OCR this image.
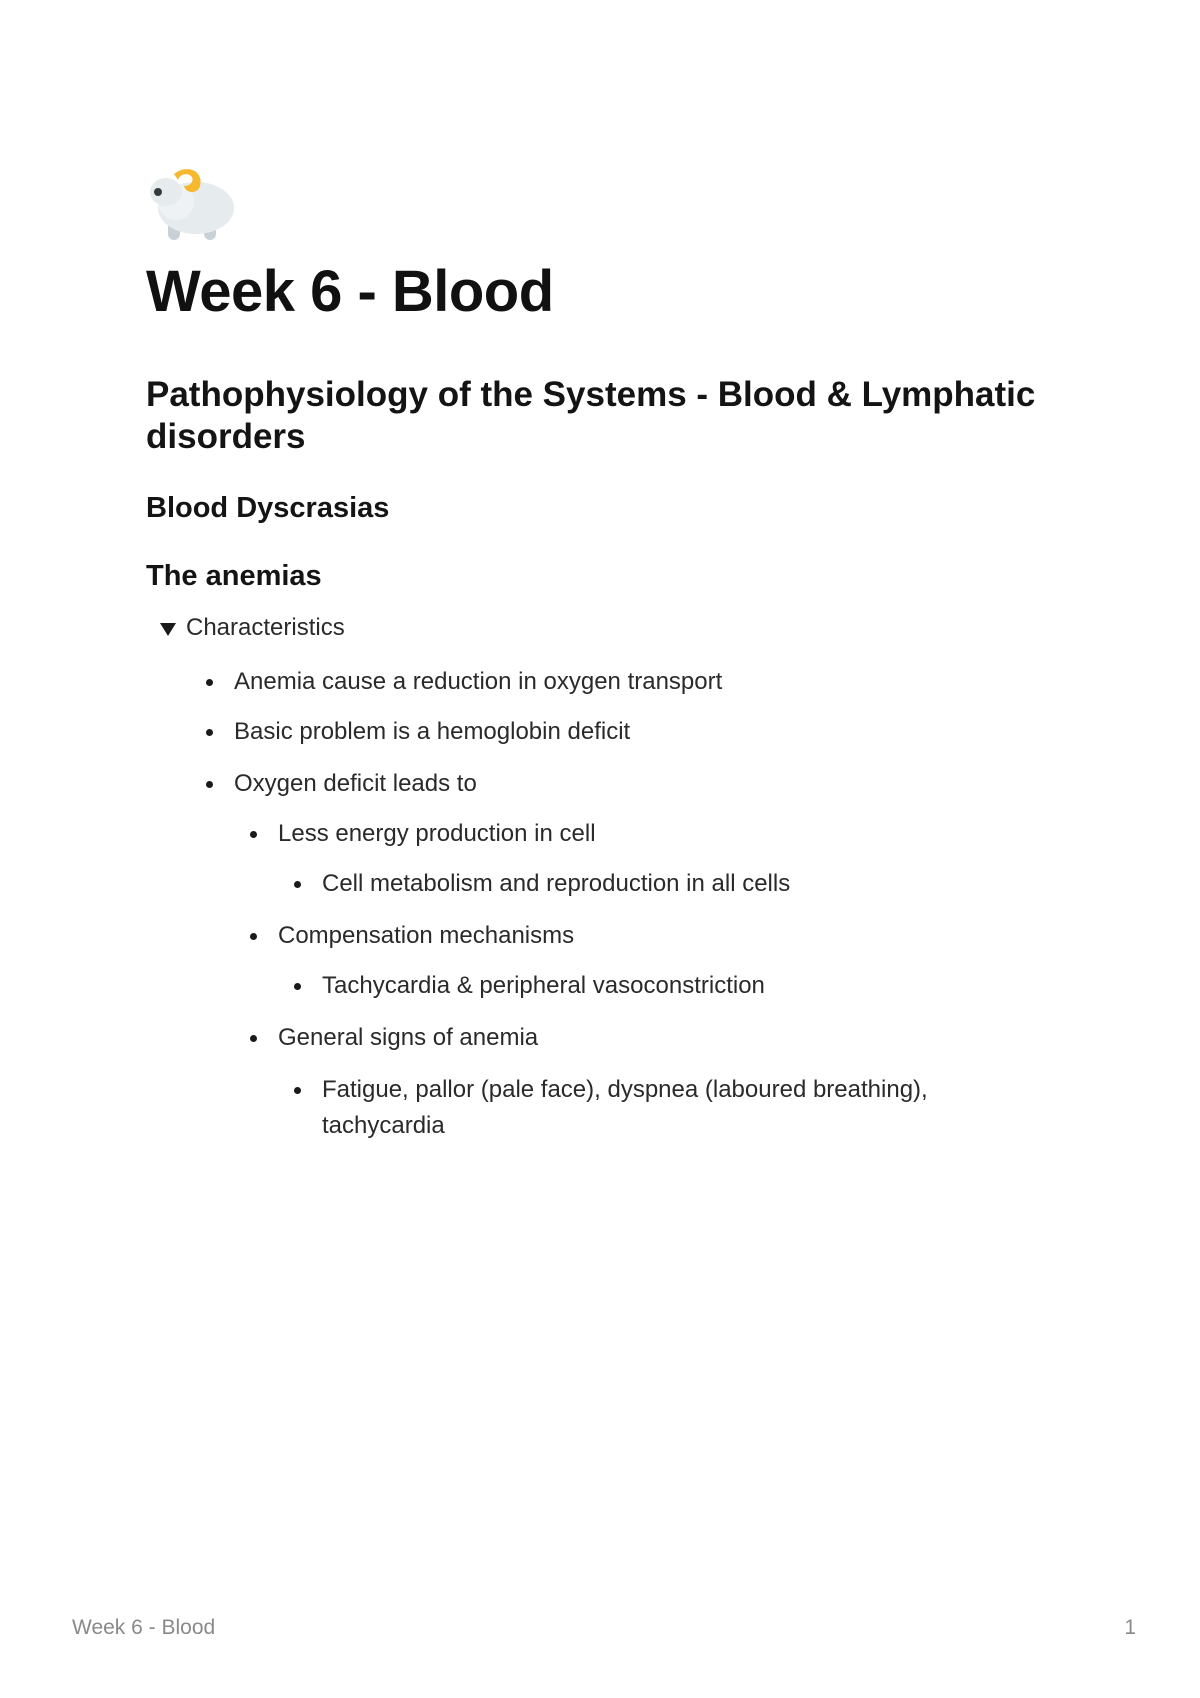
Week 6 - Blood
Pathophysiology of the Systems - Blood & Lymphatic disorders
Blood Dyscrasias
The anemias
Characteristics
Anemia cause a reduction in oxygen transport
Basic problem is a hemoglobin deficit
Oxygen deficit leads to
Less energy production in cell
Cell metabolism and reproduction in all cells
Compensation mechanisms
Tachycardia & peripheral vasoconstriction
General signs of anemia
Fatigue, pallor (pale face), dyspnea (laboured breathing), tachycardia
Week 6 - Blood	1
